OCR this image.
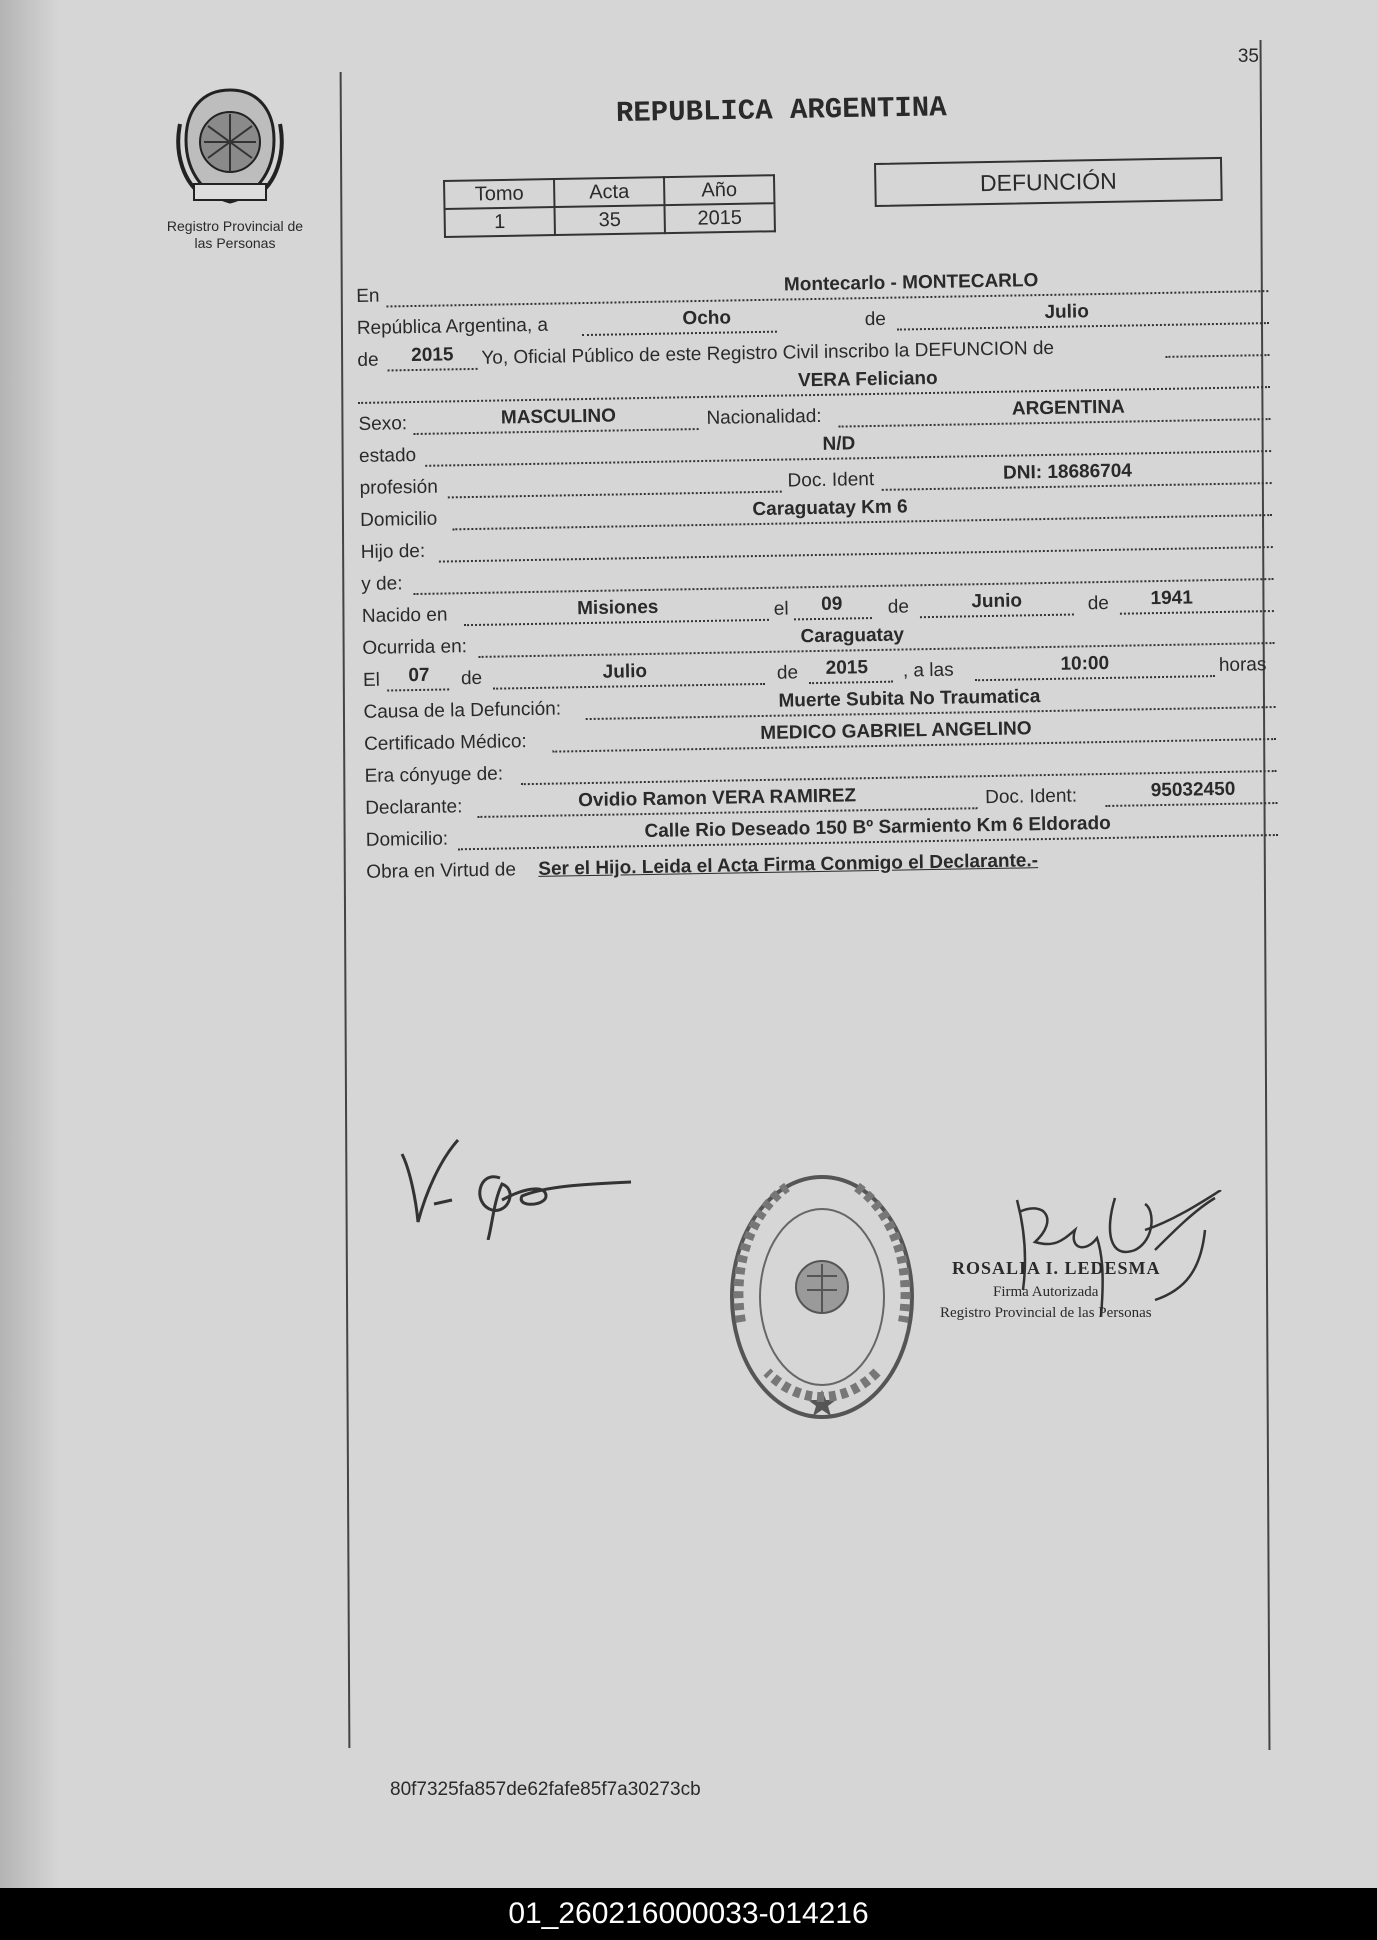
35
Registro Provincial de
las Personas
REPUBLICA ARGENTINA
Tomo	Acta	Año
1	35	2015
DEFUNCIÓN
En
Montecarlo - MONTECARLO
República Argentina, a	Ocho	de	Julio
de 2015 Yo, Oficial Público de este Registro Civil inscribo la DEFUNCION de
VERA Feliciano
Sexo:	MASCULINO	Nacionalidad:	ARGENTINA
estado
N/D
profesión	Doc. Ident	DNI: 18686704
Domicilio	Caraguatay Km 6
Hijo de:
y de:
Nacido en	Misiones	el 09 de	Junio	de 1941
Ocurrida en:
Caraguatay
El 07 de	Julio	de 2015 , a las	10:00	horas
Causa de la Defunción:	Muerte Subita No Traumatica
Certificado Médico:	MEDICO GABRIEL ANGELINO
Era cónyuge de:
Declarante:	Ovidio Ramon VERA RAMIREZ	Doc. Ident:	95032450
Domicilio:	Calle Rio Deseado 150 Bº Sarmiento Km 6 Eldorado
Obra en Virtud de Ser el Hijo. Leida el Acta Firma Conmigo el Declarante.-
ROSALIA I. LEDESMA
Firma Autorizada
Registro Provincial de las Personas
80f7325fa857de62fafe85f7a30273cb
01_260216000033-014216
